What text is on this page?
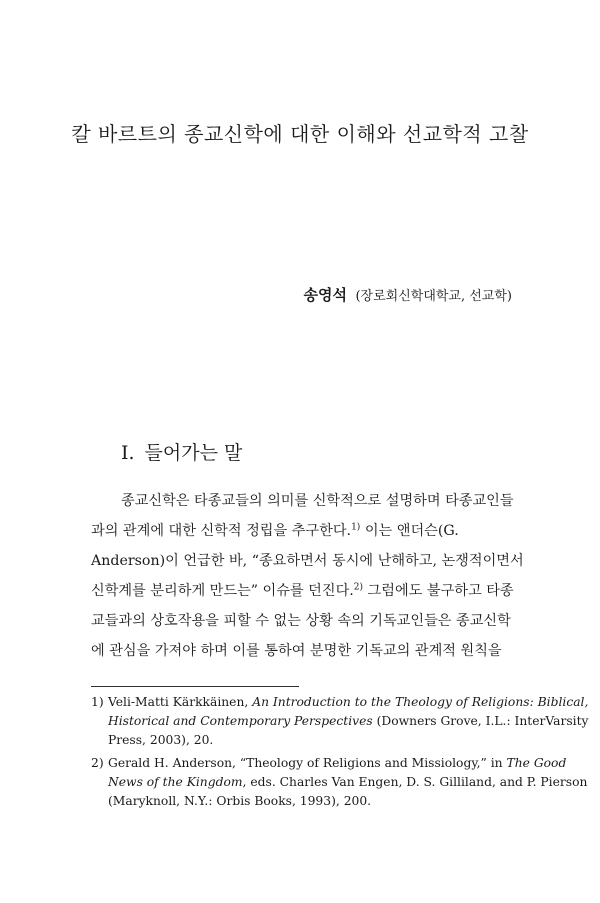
칼 바르트의 종교신학에 대한 이해와 선교학적 고찰
송영석 (장로회신학대학교, 선교학)
I. 들어가는 말
종교신학은 타종교들의 의미를 신학적으로 설명하며 타종교인들
과의 관계에 대한 신학적 정립을 추구한다.$^{1)}$ 이는 앤더슨(G.
Anderson)이 언급한 바, “종요하면서 동시에 난해하고, 논쟁적이면서
신학계를 분리하게 만드는” 이슈를 던진다.$^{2)}$ 그럼에도 불구하고 타종
교들과의 상호작용을 피할 수 없는 상황 속의 기독교인들은 종교신학
에 관심을 가져야 하며 이를 통하여 분명한 기독교의 관계적 원칙을
1) Veli-Matti Kärkkäinen, An Introduction to the Theology of Religions: Biblical,
Historical and Contemporary Perspectives (Downers Grove, I.L.: InterVarsity
Press, 2003), 20.
2) Gerald H. Anderson, “Theology of Religions and Missiology,” in The Good
News of the Kingdom, eds. Charles Van Engen, D. S. Gilliland, and P. Pierson
(Maryknoll, N.Y.: Orbis Books, 1993), 200.
